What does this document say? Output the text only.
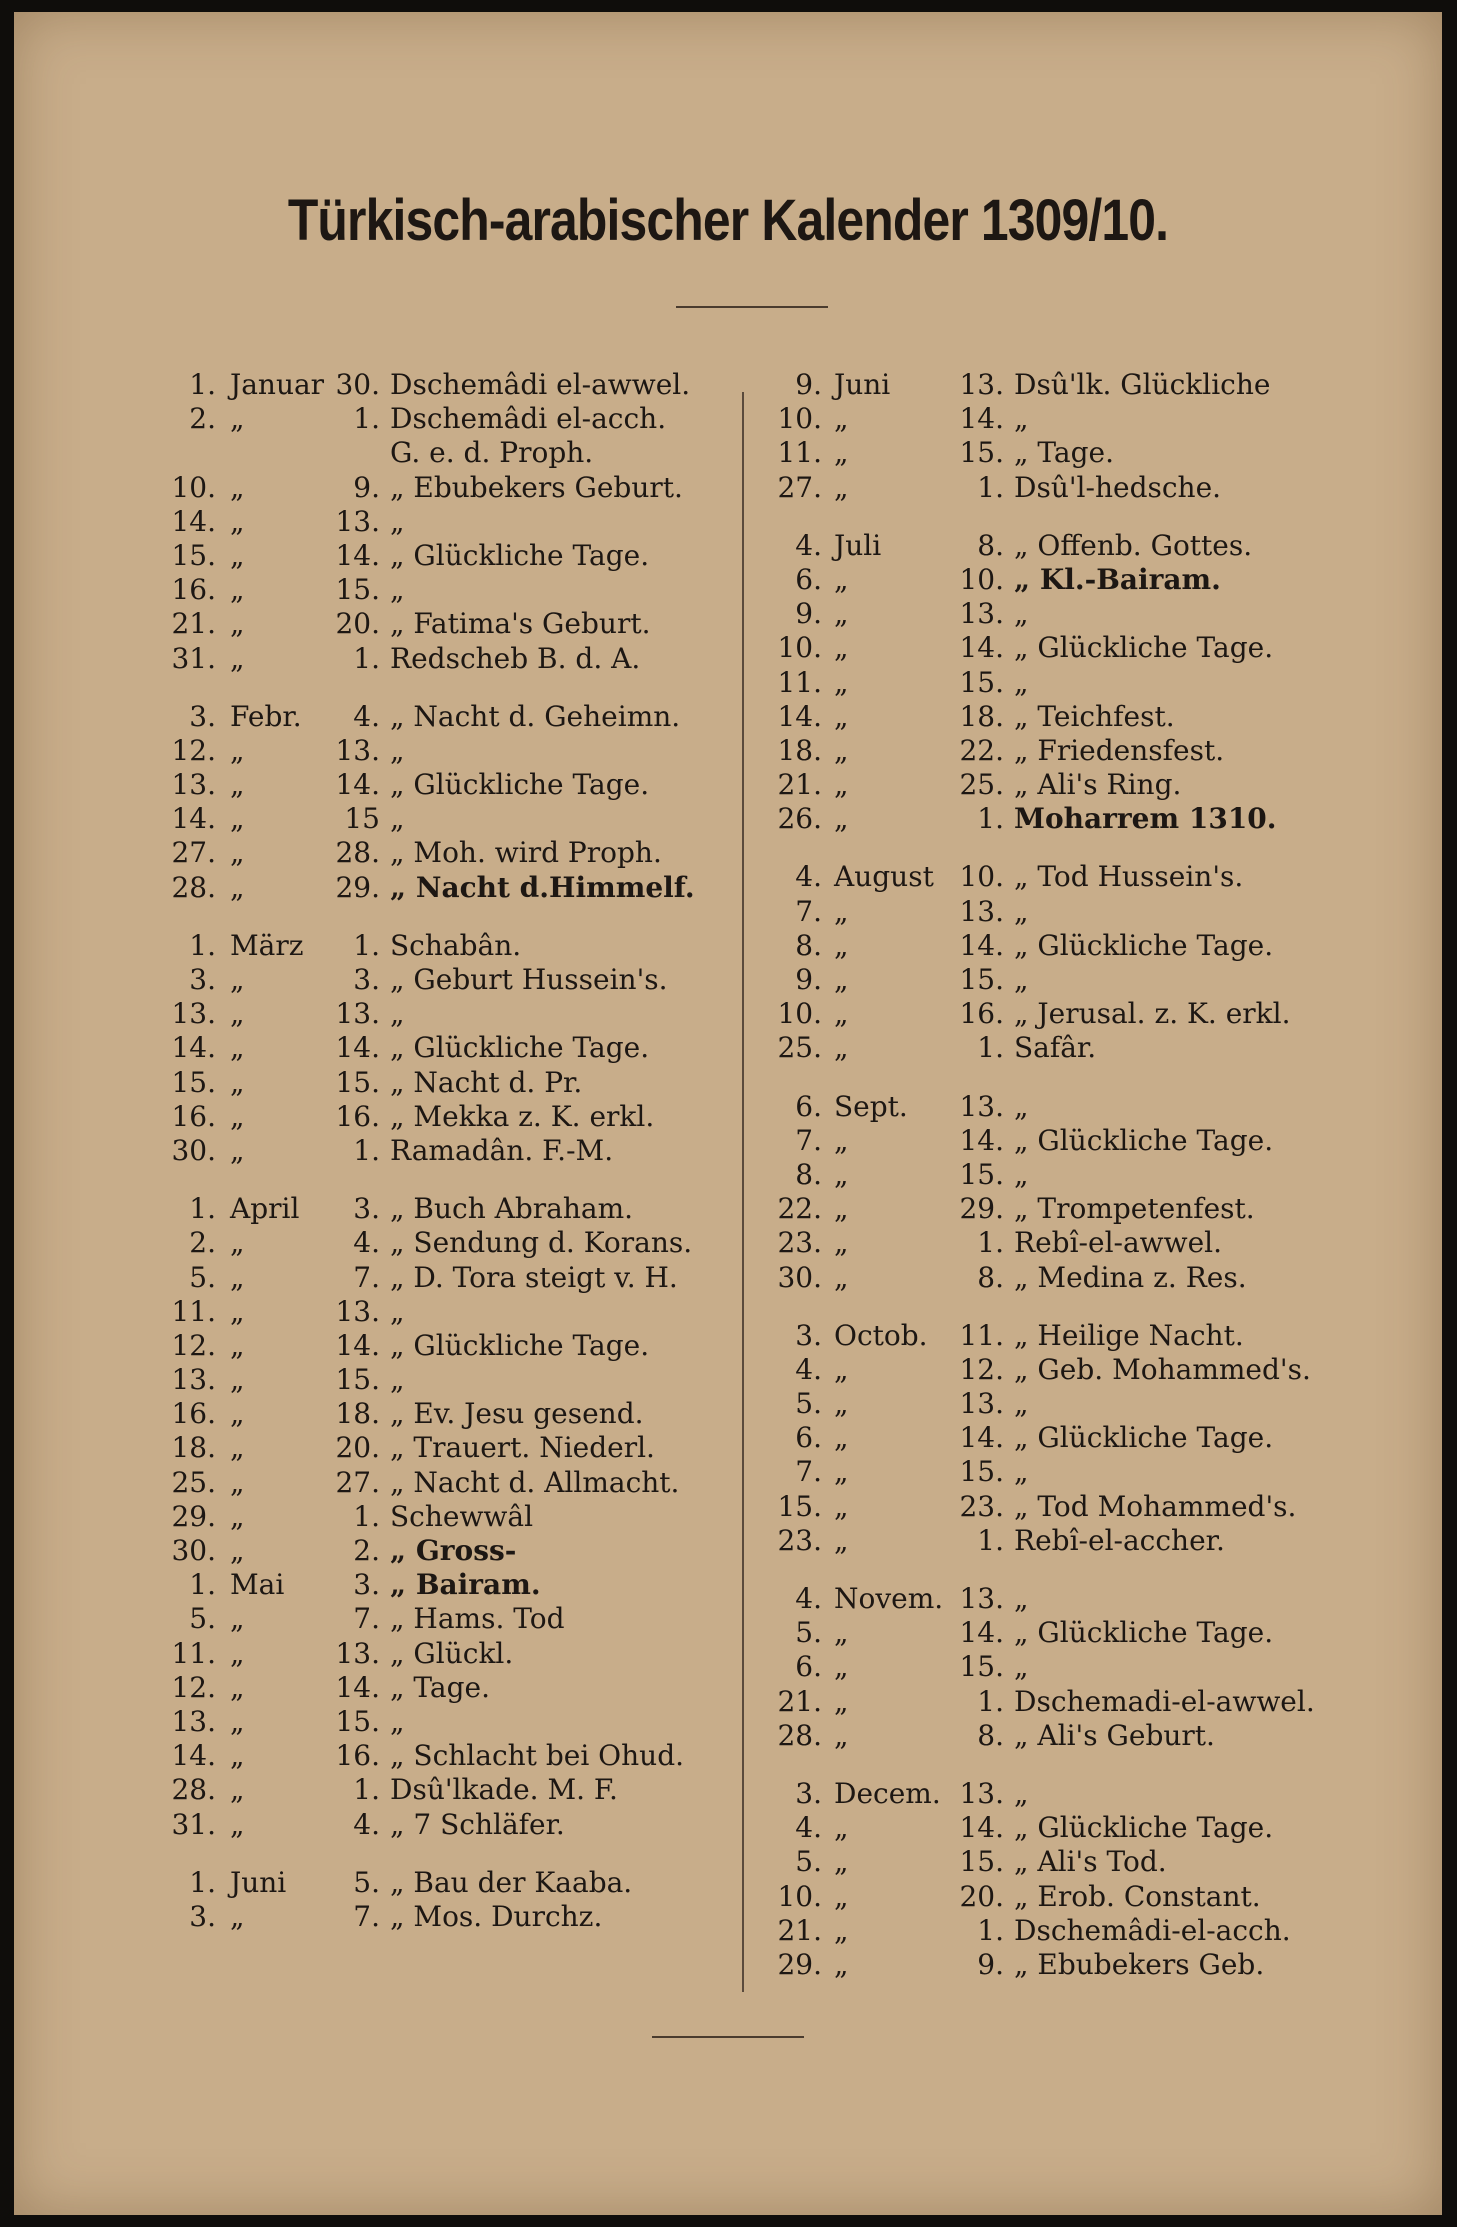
Türkisch-arabischer Kalender 1309/10.
1. Januar 30. Dschemâdi el-awwel.
2. „	1. Dschemâdi el-acch.
G. e. d. Proph.
10. „	9. „ Ebubekers Geburt.
14. „	13. „
15. „	14. „ Glückliche Tage.
16. „	15. „
21. „	20. „ Fatima's Geburt.
31. „	1. Redscheb B. d. A.
3. Febr.	4. „ Nacht d. Geheimn.
12. „	13. „
13. „	14. „ Glückliche Tage.
14. „	15 „
27. „	28. „ Moh. wird Proph.
28. „	29. „ Nacht d.Himmelf.
1. März	1. Schabân.
3. „	3. „ Geburt Hussein's.
13. „	13. „
14. „	14. „ Glückliche Tage.
15. „	15. „ Nacht d. Pr.
16. „	16. „ Mekka z. K. erkl.
30. „	1. Ramadân. F.-M.
1. April	3. „ Buch Abraham.
2. „	4. „ Sendung d. Korans.
5. „	7. „ D. Tora steigt v. H.
11. „	13. „
12. „	14. „ Glückliche Tage.
13. „	15. „
16. „	18. „ Ev. Jesu gesend.
18. „	20. „ Trauert. Niederl.
25. „	27. „ Nacht d. Allmacht.
29. „	1. Schewwâl
30. „	2. „ Gross-
1. Mai	3. „ Bairam.
5. „	7. „ Hams. Tod
11. „	13. „ Glückl.
12. „	14. „ Tage.
13. „	15. „
14. „	16. „ Schlacht bei Ohud.
28. „	1. Dsû'lkade. M. F.
31. „	4. „ 7 Schläfer.
1. Juni	5. „ Bau der Kaaba.
3. „	7. „ Mos. Durchz.
9. Juni	13. Dsû'lk. Glückliche
10. „	14. „
11. „	15. „ Tage.
27. „	1. Dsû'l-hedsche.
4. Juli	8. „ Offenb. Gottes.
6. „	10. „ Kl.-Bairam.
9. „	13. „
10. „	14. „ Glückliche Tage.
11. „	15. „
14. „	18. „ Teichfest.
18. „	22. „ Friedensfest.
21. „	25. „ Ali's Ring.
26. „	1. Moharrem 1310.
4. August 10. „ Tod Hussein's.
7. „	13. „
8. „	14. „ Glückliche Tage.
9. „	15. „
10. „	16. „ Jerusal. z. K. erkl.
25. „	1. Safâr.
6. Sept.	13. „
7. „	14. „ Glückliche Tage.
8. „	15. „
22. „	29. „ Trompetenfest.
23. „	1. Rebî-el-awwel.
30. „	8. „ Medina z. Res.
3. Octob.	11. „ Heilige Nacht.
4. „	12. „ Geb. Mohammed's.
5. „	13. „
6. „	14. „ Glückliche Tage.
7. „	15. „
15. „	23. „ Tod Mohammed's.
23. „	1. Rebî-el-accher.
4. Novem. 13. „
5. „	14. „ Glückliche Tage.
6. „	15. „
21. „	1. Dschemadi-el-awwel.
28. „	8. „ Ali's Geburt.
3. Decem. 13. „
4. „	14. „ Glückliche Tage.
5. „	15. „ Ali's Tod.
10. „	20. „ Erob. Constant.
21. „	1. Dschemâdi-el-acch.
29. „	9. „ Ebubekers Geb.
